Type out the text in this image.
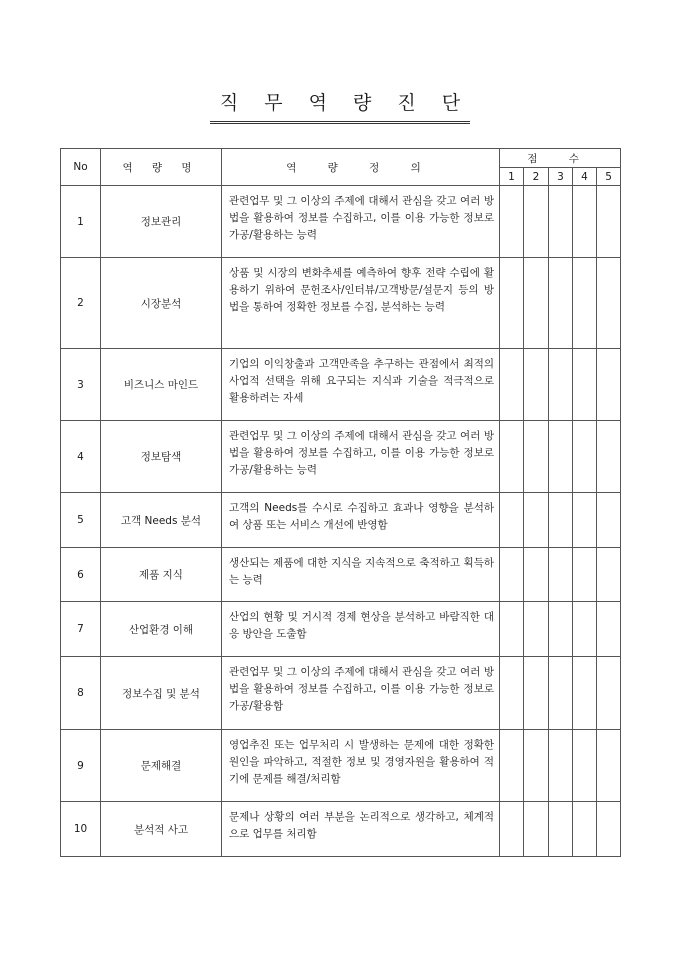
직 무 역 량 진 단
No	역 량 명	역 량 정 의	점 수				
			1	2	3	4	5
1	정보관리	관련업무 및 그 이상의 주제에 대해서 관심을 갖고 여러 방법을 활용하여 정보를 수집하고, 이를 이용 가능한 정보로 가공/활용하는 능력					
2	시장분석	상품 및 시장의 변화추세를 예측하여 향후 전략 수립에 활용하기 위하여 문헌조사/인터뷰/고객방문/설문지 등의 방법을 통하여 정확한 정보를 수집, 분석하는 능력					
3	비즈니스 마인드	기업의 이익창출과 고객만족을 추구하는 관점에서 최적의 사업적 선택을 위해 요구되는 지식과 기술을 적극적으로 활용하려는 자세					
4	정보탐색	관련업무 및 그 이상의 주제에 대해서 관심을 갖고 여러 방법을 활용하여 정보를 수집하고, 이를 이용 가능한 정보로 가공/활용하는 능력					
5	고객 Needs 분석	고객의 Needs를 수시로 수집하고 효과나 영향을 분석하여 상품 또는 서비스 개선에 반영함					
6	제품 지식	생산되는 제품에 대한 지식을 지속적으로 축적하고 획득하는 능력					
7	산업환경 이해	산업의 현황 및 거시적 경제 현상을 분석하고 바람직한 대응 방안을 도출함					
8	정보수집 및 분석	관련업무 및 그 이상의 주제에 대해서 관심을 갖고 여러 방법을 활용하여 정보를 수집하고, 이를 이용 가능한 정보로 가공/활용함					
9	문제해결	영업추진 또는 업무처리 시 발생하는 문제에 대한 정확한 원인을 파악하고, 적절한 정보 및 경영자원을 활용하여 적기에 문제를 해결/처리함					
10	분석적 사고	문제나 상황의 여러 부분을 논리적으로 생각하고, 체계적으로 업무를 처리함					
